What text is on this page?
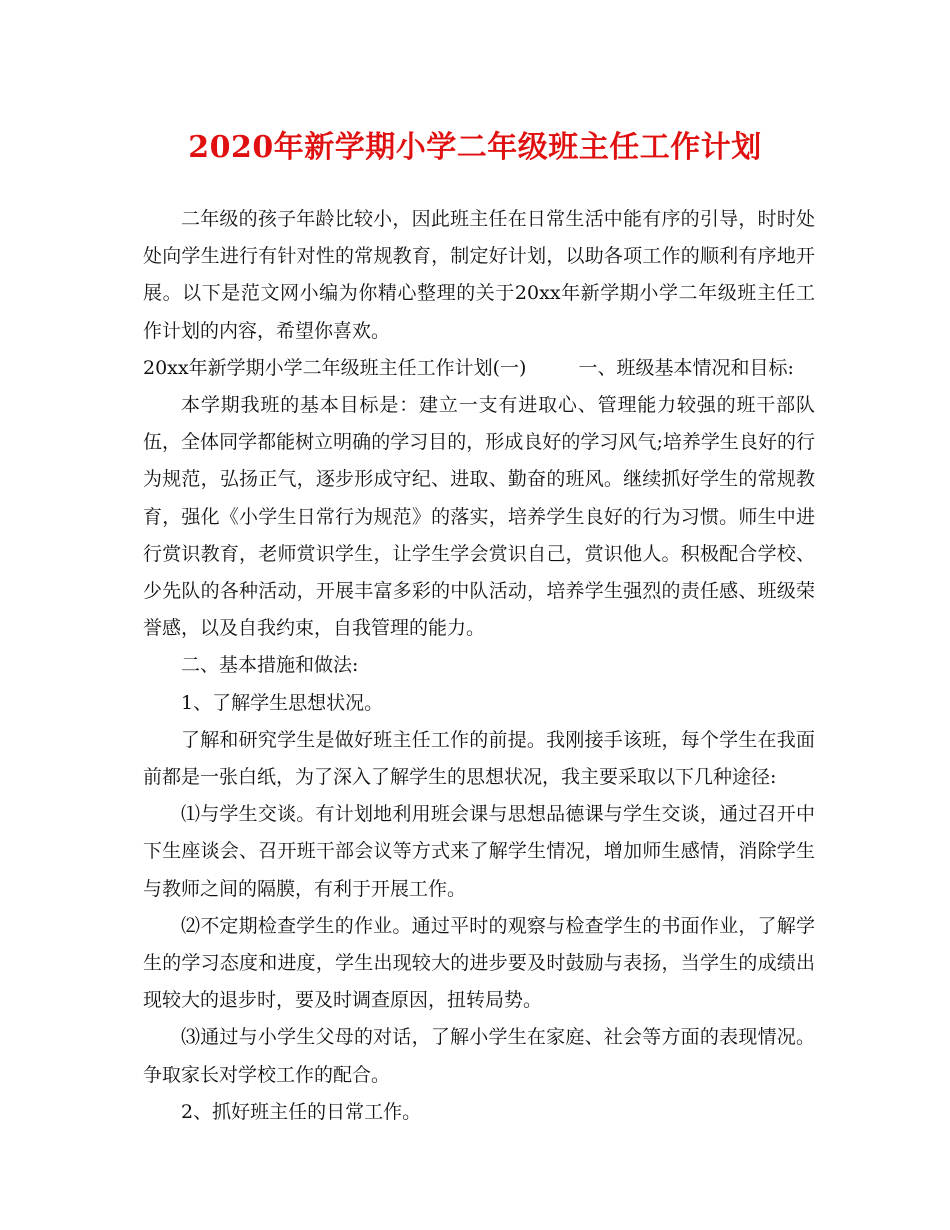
2020年新学期小学二年级班主任工作计划

二年级的孩子年龄比较小，因此班主任在日常生活中能有序的引导，时时处处向学生进行有针对性的常规教育，制定好计划，以助各项工作的顺利有序地开展。以下是范文网小编为你精心整理的关于20xx年新学期小学二年级班主任工作计划的内容，希望你喜欢。

20xx年新学期小学二年级班主任工作计划(一)	一、班级基本情况和目标:

本学期我班的基本目标是：建立一支有进取心、管理能力较强的班干部队伍，全体同学都能树立明确的学习目的，形成良好的学习风气;培养学生良好的行为规范，弘扬正气，逐步形成守纪、进取、勤奋的班风。继续抓好学生的常规教育，强化《小学生日常行为规范》的落实，培养学生良好的行为习惯。师生中进行赏识教育，老师赏识学生，让学生学会赏识自己，赏识他人。积极配合学校、少先队的各种活动，开展丰富多彩的中队活动，培养学生强烈的责任感、班级荣誉感，以及自我约束，自我管理的能力。

二、基本措施和做法:

1、了解学生思想状况。

了解和研究学生是做好班主任工作的前提。我刚接手该班，每个学生在我面前都是一张白纸，为了深入了解学生的思想状况，我主要采取以下几种途径:

⑴与学生交谈。有计划地利用班会课与思想品德课与学生交谈，通过召开中下生座谈会、召开班干部会议等方式来了解学生情况，增加师生感情，消除学生与教师之间的隔膜，有利于开展工作。

⑵不定期检查学生的作业。通过平时的观察与检查学生的书面作业，了解学生的学习态度和进度，学生出现较大的进步要及时鼓励与表扬，当学生的成绩出现较大的退步时，要及时调查原因，扭转局势。

⑶通过与小学生父母的对话，了解小学生在家庭、社会等方面的表现情况。争取家长对学校工作的配合。

2、抓好班主任的日常工作。
